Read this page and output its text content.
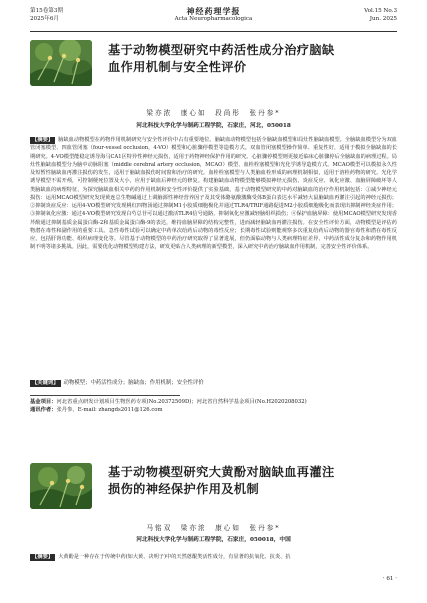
第15卷第3期
2025年6月
神经药理学报
Acta Neuropharmacologica
Vol.15 No.3
Jun. 2025
基于动物模型研究中药活性成分治疗脑缺
血作用机制与安全性评价
梁亦浓　康心如　段尚彤　张丹参*
河北科技大学化学与制药工程学院，石家庄，河北，050018
【摘要】 脑缺血动物模型在药物作用机制研究与安全性评价中占有重要地位。脑缺血动物模型包括全脑缺血模型和局灶性脑缺血模型。全脑缺血模型分为双血管闭塞模型、四血管闭塞（four-vessel occlusion，4-VO）模型和心脏骤停模型等造模方式。双血管闭塞模型操作简单、重复性好，适用于模拟全脑缺血的长期研究。4-VO模型能稳定诱导海马CA1区特异性神经元损伤，适用于药物神经保护作用的研究。心脏骤停模型则更接近临床心脏骤停后全脑缺血的病理过程。局灶性脑缺血模型分为脑中动脉阻塞（middle cerebral artery occlusion，MCAO）模型、血栓栓塞模型和光化学诱导造模方式。MCAO模型可以模拟永久性及短暂性脑缺血再灌注损伤的发生，适用于脑缺血损伤时间窗和治疗的研究。血栓栓塞模型与人类脑血栓形成的病理机制相似，适用于溶栓药物的研究。光化学诱导模型不需开颅，可控制梗死位置及大小，应用于缺血后神经元的修复。构建脑缺血动物模型能够模拟神经元损伤、炎症反应、氧化应激、血脑屏障破坏等人类脑缺血的病理特征，为探究脑缺血相关中药的作用机制和安全性评价提供了实验基础。基于动物模型研究的中药对脑缺血的治疗作用机制包括：①减少神经元损伤：运用MCAO模型研究发现黄连总生物碱通过上调脑源性神经营养因子及其受体酪氨酸激酶受体B蛋白表达水平减轻大鼠脑缺血再灌注引起的神经元损伤；②抑制炎症反应：运用4-VO模型研究发现桃红四物汤通过抑制M1小胶质细胞极化并通过TLR4/TRIF通路促进M2小胶质细胞极化而表现出抑制神经炎症作用；③抑制氧化应激：通过4-VO模型研究发现白芍总苷可以通过激活TLR4信号通路，抑制氧化应激减轻脑组织损伤；④保护血脑屏障：使用MCAO模型研究发现香芹酚通过抑制基质金属蛋白酶-2和基质金属蛋白酶-9的表达，维持血脑屏障的结构完整性，进而减轻脑缺血再灌注损伤。在安全性评价方面，动物模型是评估药物潜在毒性和副作用的重要工具。急性毒性试验可以确定中药单次给药后动物的毒性反应；长期毒性试验则能观察多次重复给药后动物的器官毒性和潜在毒性反应，包括肝肾功能、组织病理变化等。尽管基于动物模型的中药治疗研究取得了显著进展，但仍面临动物与人类病理特征差异、中药活性成分复杂和药物作用机制不明等诸多挑战。因此，需要优化动物模型构建方法，研发更贴合人类病理的新型模型，深入研究中药治疗脑缺血作用机制，完善安全性评价体系。
【关键词】 动物模型；中药活性成分；脑缺血；作用机制；安全性评价
基金项目：河北省重点研发计划项目生物医药专项(No.20372509D)；河北省自然科学基金项目(No.H2020208032)
通讯作者：张丹参，E-mail: zhangds2011@126.com
基于动物模型研究大黄酚对脑缺血再灌注
损伤的神经保护作用及机制
马铭双　梁亦浓　康心如　张丹参*
河北科技大学化学与制药工程学院，石家庄，050018，中国
【摘要】 大黄酚是一种存在于传统中药(如大黄、决明子)中的天然蒽醌类活性成分，有显著的抗氧化、抗炎、抗
· 61 ·
